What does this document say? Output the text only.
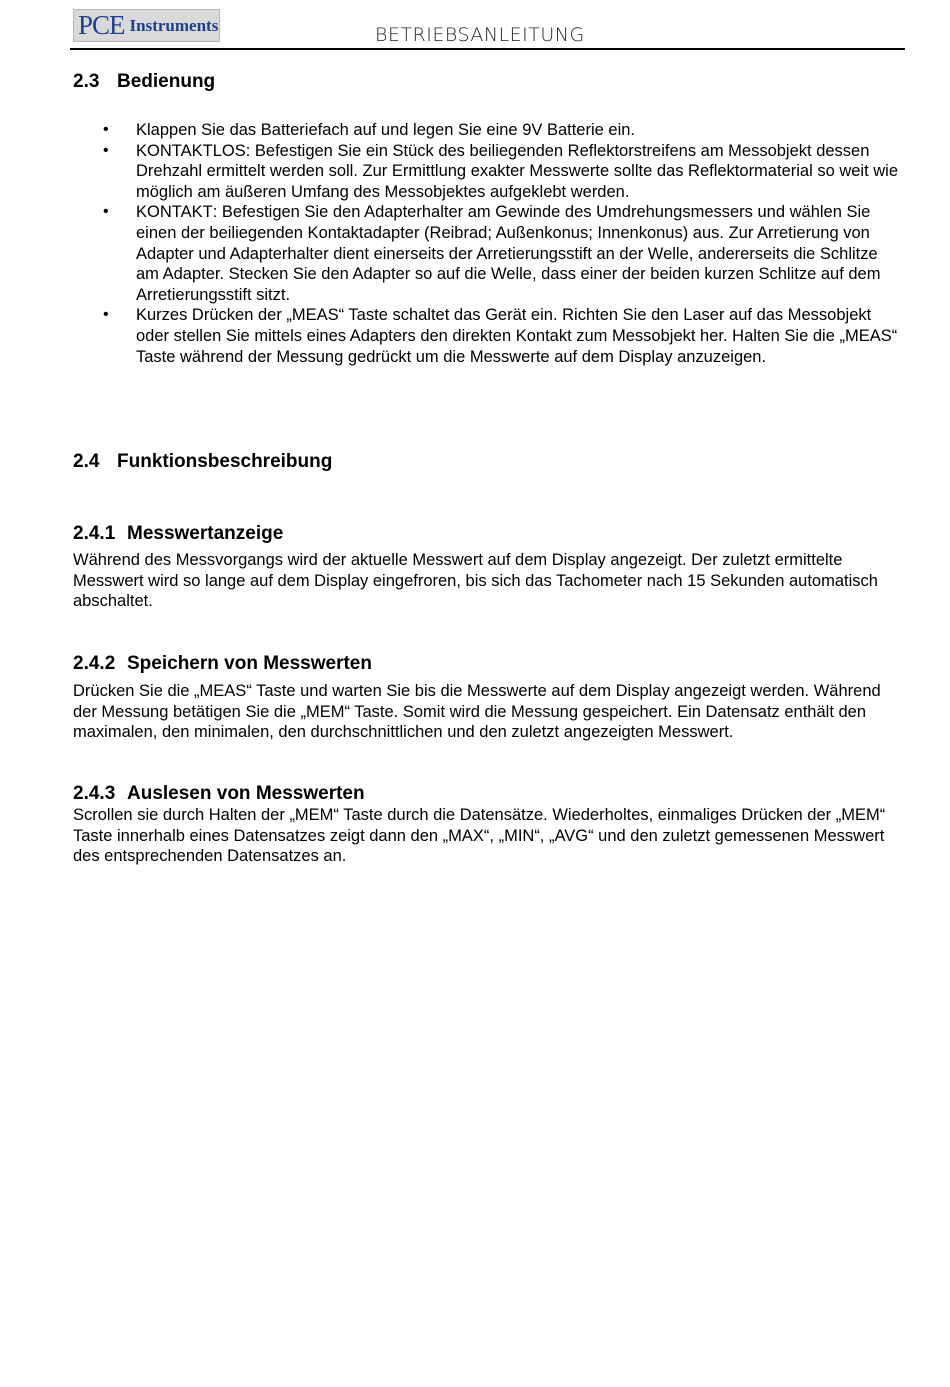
PCE Instruments	BETRIEBSANLEITUNG
2.3 Bedienung
• Klappen Sie das Batteriefach auf und legen Sie eine 9V Batterie ein.
• KONTAKTLOS: Befestigen Sie ein Stück des beiliegenden Reflektorstreifens am Messobjekt dessen Drehzahl ermittelt werden soll. Zur Ermittlung exakter Messwerte sollte das Reflektormaterial so weit wie möglich am äußeren Umfang des Messobjektes aufgeklebt werden.
• KONTAKT: Befestigen Sie den Adapterhalter am Gewinde des Umdrehungsmessers und wählen Sie einen der beiliegenden Kontaktadapter (Reibrad; Außenkonus; Innenkonus) aus. Zur Arretierung von Adapter und Adapterhalter dient einerseits der Arretierungsstift an der Welle, andererseits die Schlitze am Adapter. Stecken Sie den Adapter so auf die Welle, dass einer der beiden kurzen Schlitze auf dem Arretierungsstift sitzt.
• Kurzes Drücken der „MEAS“ Taste schaltet das Gerät ein. Richten Sie den Laser auf das Messobjekt oder stellen Sie mittels eines Adapters den direkten Kontakt zum Messobjekt her. Halten Sie die „MEAS“ Taste während der Messung gedrückt um die Messwerte auf dem Display anzuzeigen.
2.4 Funktionsbeschreibung
2.4.1 Messwertanzeige

Während des Messvorgangs wird der aktuelle Messwert auf dem Display angezeigt. Der zuletzt ermittelte Messwert wird so lange auf dem Display eingefroren, bis sich das Tachometer nach 15 Sekunden automatisch abschaltet.

2.4.2 Speichern von Messwerten

Drücken Sie die „MEAS“ Taste und warten Sie bis die Messwerte auf dem Display angezeigt werden. Während der Messung betätigen Sie die „MEM“ Taste. Somit wird die Messung gespeichert. Ein Datensatz enthält den maximalen, den minimalen, den durchschnittlichen und den zuletzt angezeigten Messwert.

2.4.3 Auslesen von Messwerten

Scrollen sie durch Halten der „MEM“ Taste durch die Datensätze. Wiederholtes, einmaliges Drücken der „MEM“ Taste innerhalb eines Datensatzes zeigt dann den „MAX“, „MIN“, „AVG“ und den zuletzt gemessenen Messwert des entsprechenden Datensatzes an.
